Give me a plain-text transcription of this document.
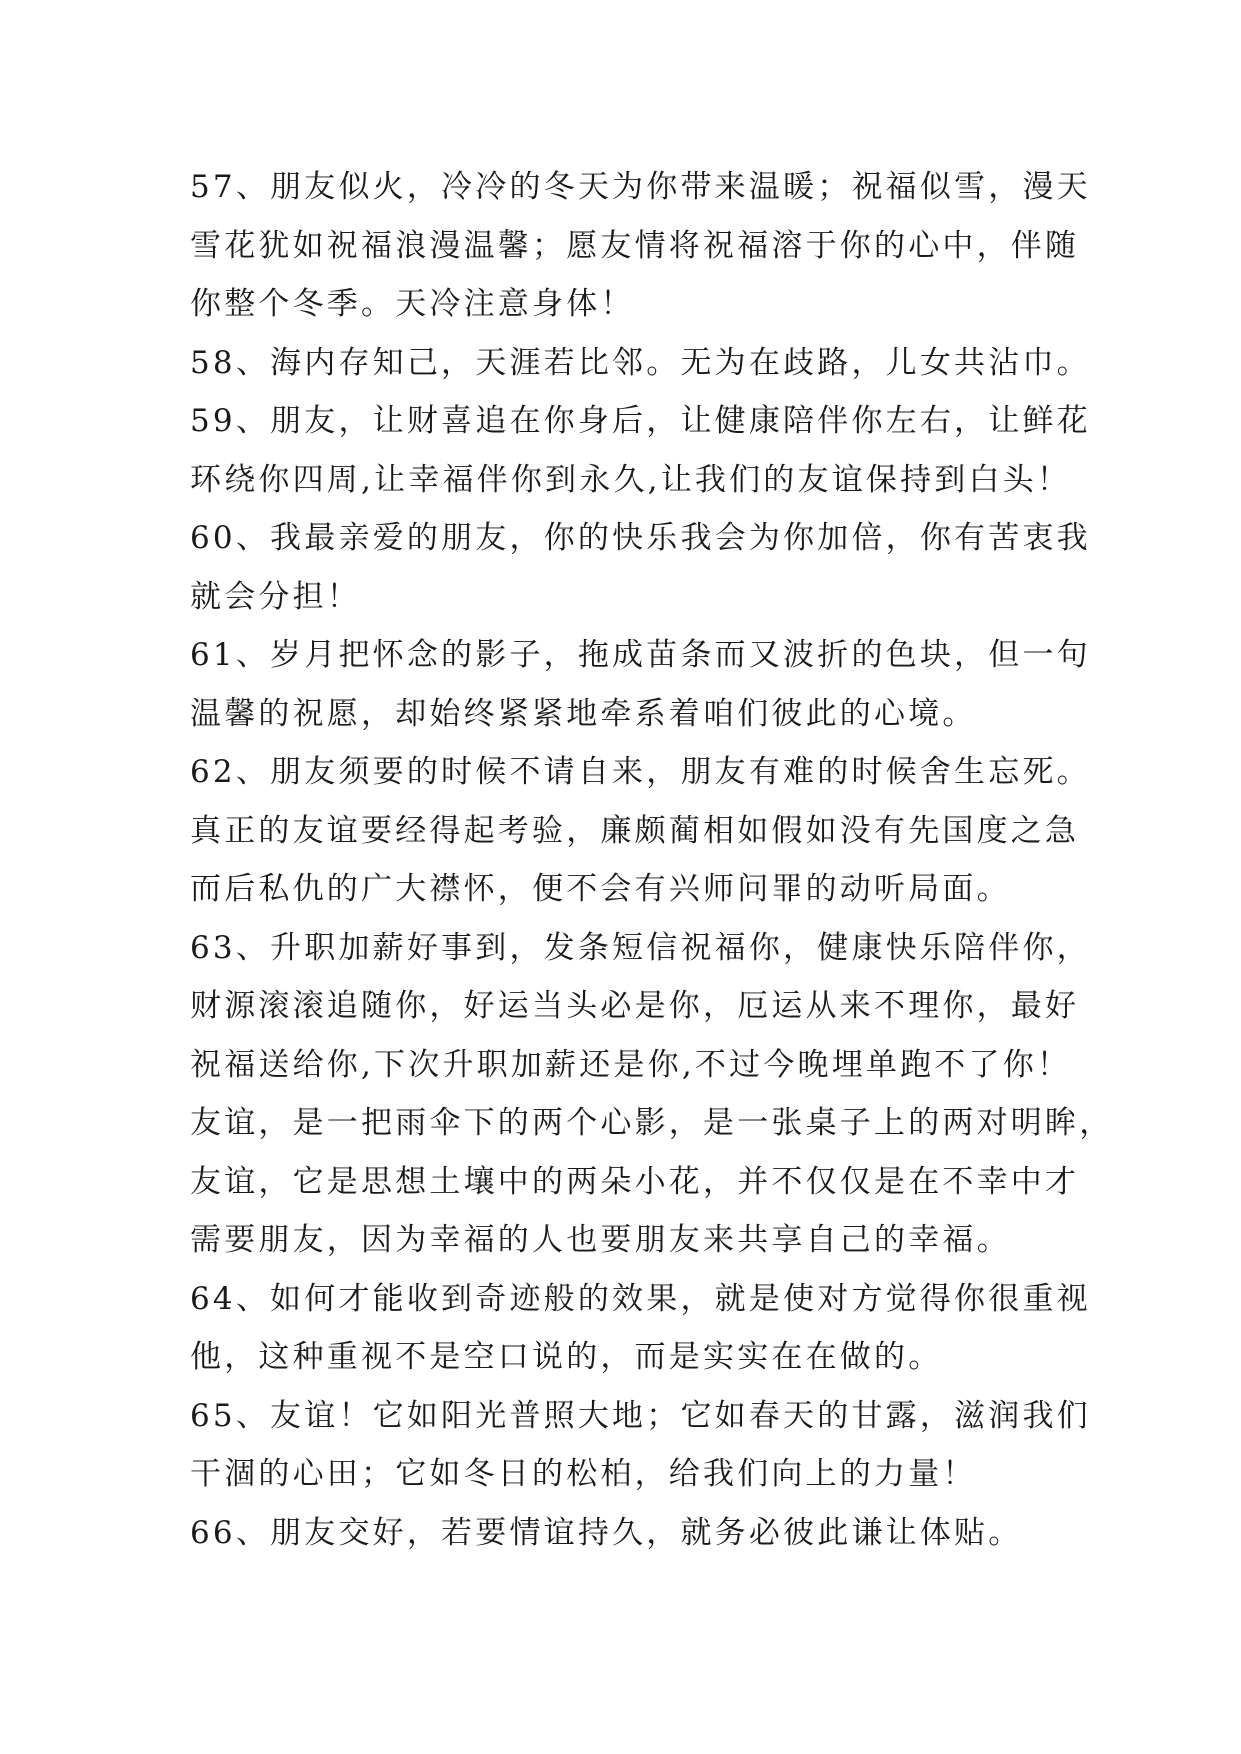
57、朋友似火，冷冷的冬天为你带来温暖；祝福似雪，漫天
雪花犹如祝福浪漫温馨；愿友情将祝福溶于你的心中，伴随
你整个冬季。天冷注意身体！
58、海内存知己，天涯若比邻。无为在歧路，儿女共沾巾。
59、朋友，让财喜追在你身后，让健康陪伴你左右，让鲜花
环绕你四周,让幸福伴你到永久,让我们的友谊保持到白头！
60、我最亲爱的朋友，你的快乐我会为你加倍，你有苦衷我
就会分担！
61、岁月把怀念的影子，拖成苗条而又波折的色块，但一句
温馨的祝愿，却始终紧紧地牵系着咱们彼此的心境。
62、朋友须要的时候不请自来，朋友有难的时候舍生忘死。
真正的友谊要经得起考验，廉颇蔺相如假如没有先国度之急
而后私仇的广大襟怀，便不会有兴师问罪的动听局面。
63、升职加薪好事到，发条短信祝福你，健康快乐陪伴你，
财源滚滚追随你，好运当头必是你，厄运从来不理你，最好
祝福送给你,下次升职加薪还是你,不过今晚埋单跑不了你！
友谊，是一把雨伞下的两个心影，是一张桌子上的两对明眸，
友谊，它是思想土壤中的两朵小花，并不仅仅是在不幸中才
需要朋友，因为幸福的人也要朋友来共享自己的幸福。
64、如何才能收到奇迹般的效果，就是使对方觉得你很重视
他，这种重视不是空口说的，而是实实在在做的。
65、友谊！它如阳光普照大地；它如春天的甘露，滋润我们
干涸的心田；它如冬日的松柏，给我们向上的力量！
66、朋友交好，若要情谊持久，就务必彼此谦让体贴。
